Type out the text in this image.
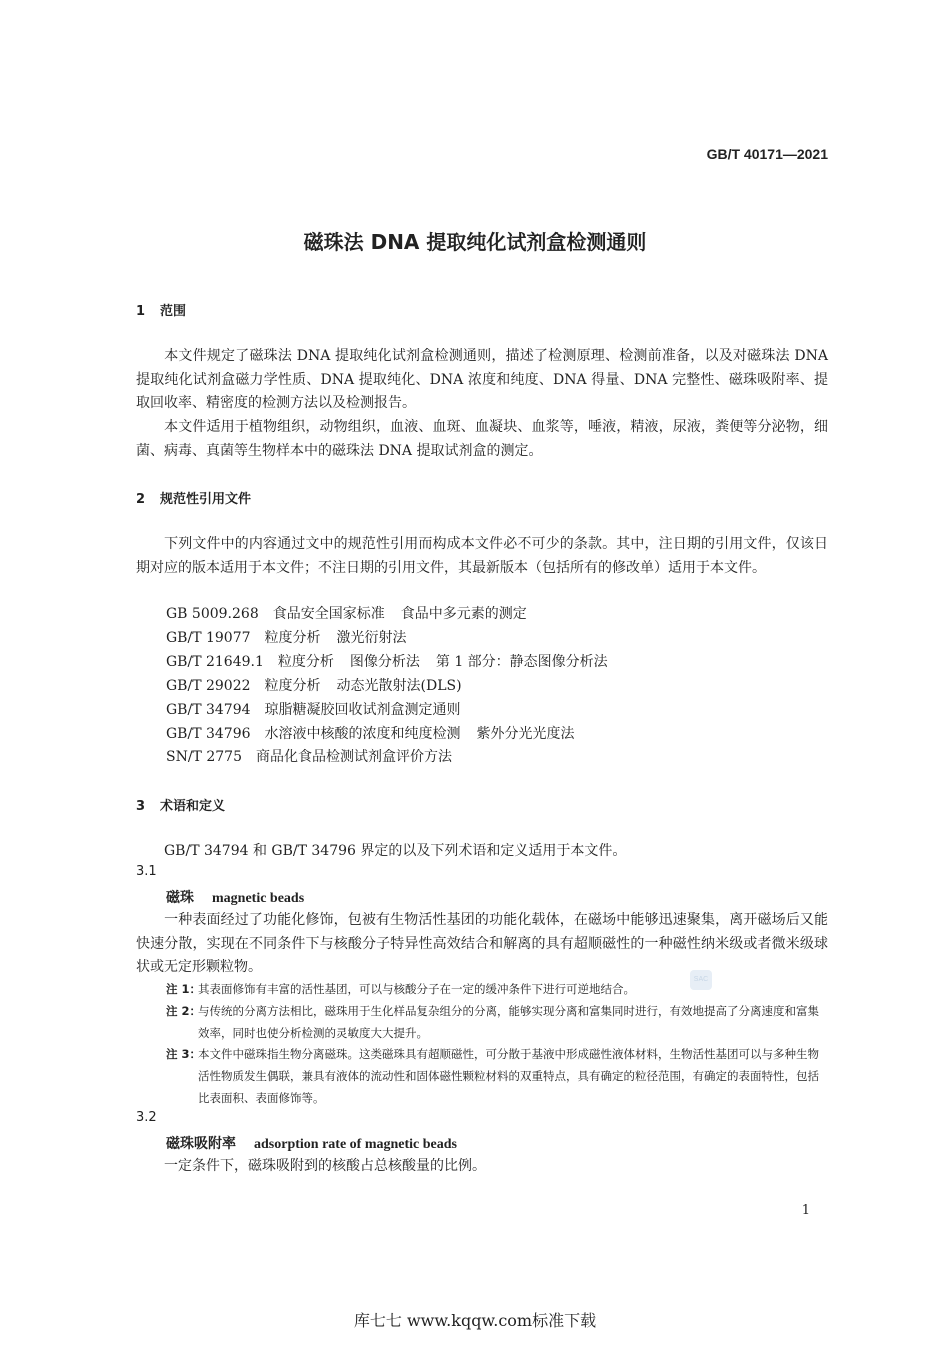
GB/T 40171—2021
磁珠法 DNA 提取纯化试剂盒检测通则
1 范围
本文件规定了磁珠法 DNA 提取纯化试剂盒检测通则，描述了检测原理、检测前准备，以及对磁珠法 DNA 提取纯化试剂盒磁力学性质、DNA 提取纯化、DNA 浓度和纯度、DNA 得量、DNA 完整性、磁珠吸附率、提取回收率、精密度的检测方法以及检测报告。
本文件适用于植物组织，动物组织，血液、血斑、血凝块、血浆等，唾液，精液，尿液，粪便等分泌物，细菌、病毒、真菌等生物样本中的磁珠法 DNA 提取试剂盒的测定。
2 规范性引用文件
下列文件中的内容通过文中的规范性引用而构成本文件必不可少的条款。其中，注日期的引用文件，仅该日期对应的版本适用于本文件；不注日期的引用文件，其最新版本（包括所有的修改单）适用于本文件。
GB 5009.268 食品安全国家标准 食品中多元素的测定
GB/T 19077 粒度分析 激光衍射法
GB/T 21649.1 粒度分析 图像分析法 第 1 部分：静态图像分析法
GB/T 29022 粒度分析 动态光散射法(DLS)
GB/T 34794 琼脂糖凝胶回收试剂盒测定通则
GB/T 34796 水溶液中核酸的浓度和纯度检测 紫外分光光度法
SN/T 2775 商品化食品检测试剂盒评价方法
3 术语和定义
GB/T 34794 和 GB/T 34796 界定的以及下列术语和定义适用于本文件。
3.1
磁珠 magnetic beads
一种表面经过了功能化修饰，包被有生物活性基团的功能化载体，在磁场中能够迅速聚集，离开磁场后又能快速分散，实现在不同条件下与核酸分子特异性高效结合和解离的具有超顺磁性的一种磁性纳米级或者微米级球状或无定形颗粒物。
注 1：
其表面修饰有丰富的活性基团，可以与核酸分子在一定的缓冲条件下进行可逆地结合。
注 2：
与传统的分离方法相比，磁珠用于生化样品复杂组分的分离，能够实现分离和富集同时进行，有效地提高了分离速度和富集效率，同时也使分析检测的灵敏度大大提升。
注 3：
本文件中磁珠指生物分离磁珠。这类磁珠具有超顺磁性，可分散于基液中形成磁性液体材料，生物活性基团可以与多种生物活性物质发生偶联，兼具有液体的流动性和固体磁性颗粒材料的双重特点，具有确定的粒径范围，有确定的表面特性，包括比表面积、表面修饰等。
3.2
磁珠吸附率 adsorption rate of magnetic beads
一定条件下，磁珠吸附到的核酸占总核酸量的比例。
SAC
1
库七七 www.kqqw.com标准下载
